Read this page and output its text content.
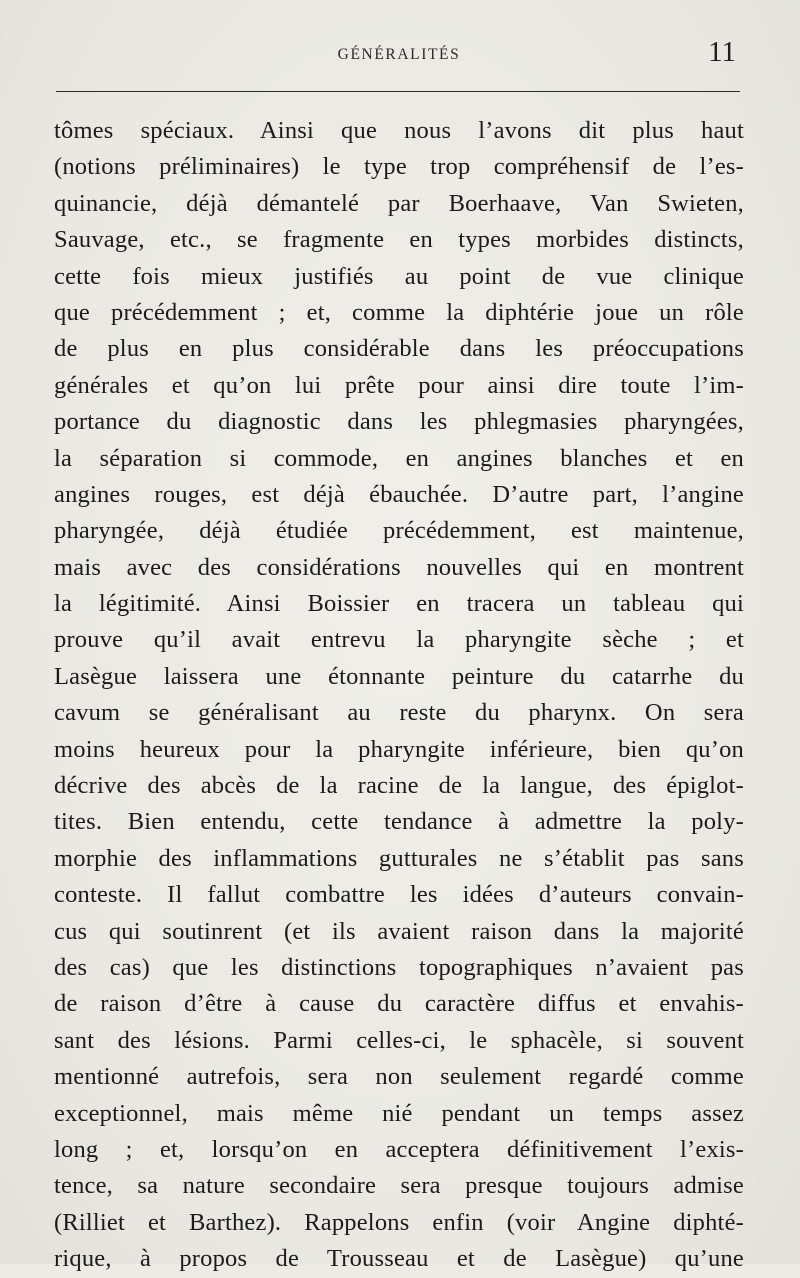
GÉNÉRALITÉS	11
tômes spéciaux. Ainsi que nous l’avons dit plus haut
(notions préliminaires) le type trop compréhensif de l’es-
quinancie, déjà démantelé par Boerhaave, Van Swieten,
Sauvage, etc., se fragmente en types morbides distincts,
cette fois mieux justifiés au point de vue clinique
que précédemment ; et, comme la diphtérie joue un rôle
de plus en plus considérable dans les préoccupations
générales et qu’on lui prête pour ainsi dire toute l’im-
portance du diagnostic dans les phlegmasies pharyngées,
la séparation si commode, en angines blanches et en
angines rouges, est déjà ébauchée. D’autre part, l’angine
pharyngée, déjà étudiée précédemment, est maintenue,
mais avec des considérations nouvelles qui en montrent
la légitimité. Ainsi Boissier en tracera un tableau qui
prouve qu’il avait entrevu la pharyngite sèche ; et
Lasègue laissera une étonnante peinture du catarrhe du
cavum se généralisant au reste du pharynx. On sera
moins heureux pour la pharyngite inférieure, bien qu’on
décrive des abcès de la racine de la langue, des épiglot-
tites. Bien entendu, cette tendance à admettre la poly-
morphie des inflammations gutturales ne s’établit pas sans
conteste. Il fallut combattre les idées d’auteurs convain-
cus qui soutinrent (et ils avaient raison dans la majorité
des cas) que les distinctions topographiques n’avaient pas
de raison d’être à cause du caractère diffus et envahis-
sant des lésions. Parmi celles-ci, le sphacèle, si souvent
mentionné autrefois, sera non seulement regardé comme
exceptionnel, mais même nié pendant un temps assez
long ; et, lorsqu’on en acceptera définitivement l’exis-
tence, sa nature secondaire sera presque toujours admise
(Rilliet et Barthez). Rappelons enfin (voir Angine diphté-
rique, à propos de Trousseau et de Lasègue) qu’une
